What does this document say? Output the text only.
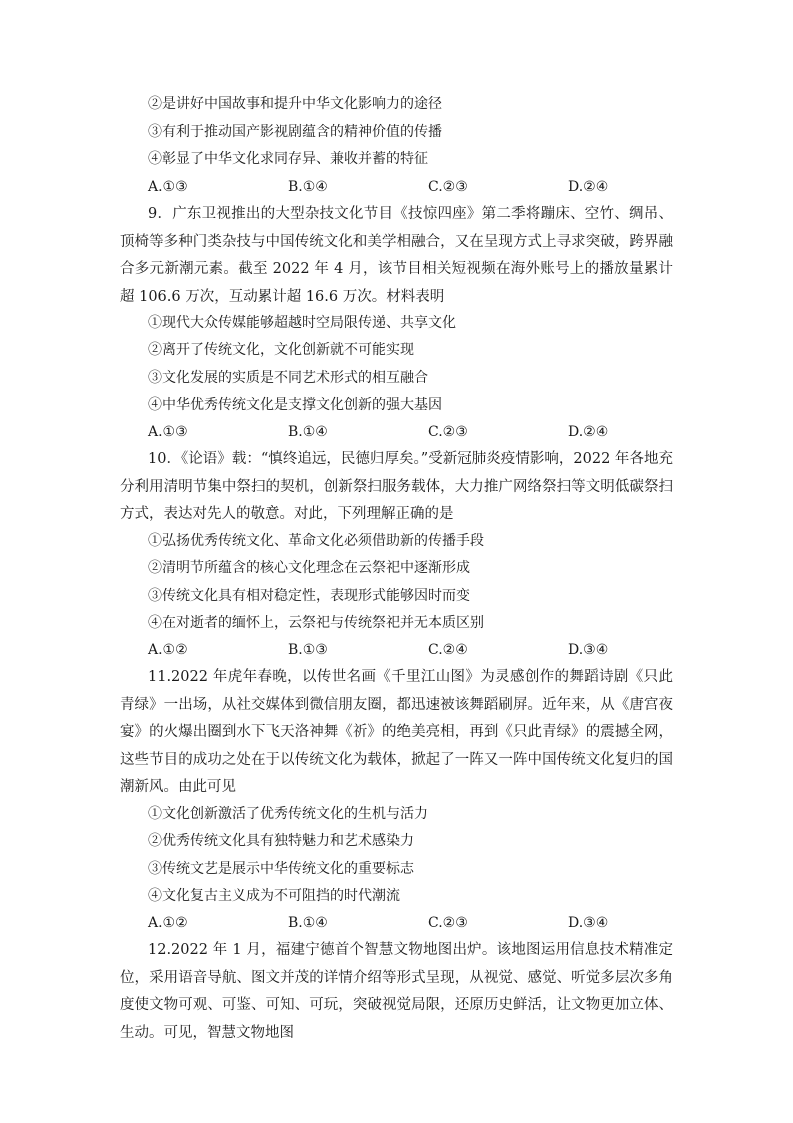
②是讲好中国故事和提升中华文化影响力的途径
③有利于推动国产影视剧蕴含的精神价值的传播
④彰显了中华文化求同存异、兼收并蓄的特征
A.①③	B.①④	C.②③	D.②④
9．广东卫视推出的大型杂技文化节目《技惊四座》第二季将蹦床、空竹、绸吊、顶椅等多种门类杂技与中国传统文化和美学相融合，又在呈现方式上寻求突破，跨界融合多元新潮元素。截至 2022 年 4 月，该节目相关短视频在海外账号上的播放量累计超 106.6 万次，互动累计超 16.6 万次。材料表明
①现代大众传媒能够超越时空局限传递、共享文化
②离开了传统文化，文化创新就不可能实现
③文化发展的实质是不同艺术形式的相互融合
④中华优秀传统文化是支撑文化创新的强大基因
A.①③	B.①④	C.②③	D.②④
10．《论语》载：“慎终追远，民德归厚矣。”受新冠肺炎疫情影响，2022 年各地充分利用清明节集中祭扫的契机，创新祭扫服务载体，大力推广网络祭扫等文明低碳祭扫方式，表达对先人的敬意。对此，下列理解正确的是
①弘扬优秀传统文化、革命文化必须借助新的传播手段
②清明节所蕴含的核心文化理念在云祭祀中逐渐形成
③传统文化具有相对稳定性，表现形式能够因时而变
④在对逝者的缅怀上，云祭祀与传统祭祀并无本质区别
A.①②	B.①③	C.②④	D.③④
11.2022 年虎年春晚，以传世名画《千里江山图》为灵感创作的舞蹈诗剧《只此青绿》一出场，从社交媒体到微信朋友圈，都迅速被该舞蹈刷屏。近年来，从《唐宫夜宴》的火爆出圈到水下飞天洛神舞《祈》的绝美亮相，再到《只此青绿》的震撼全网，这些节目的成功之处在于以传统文化为载体，掀起了一阵又一阵中国传统文化复归的国潮新风。由此可见
①文化创新激活了优秀传统文化的生机与活力
②优秀传统文化具有独特魅力和艺术感染力
③传统文艺是展示中华传统文化的重要标志
④文化复古主义成为不可阻挡的时代潮流
A.①②	B.①④	C.②③	D.③④
12.2022 年 1 月，福建宁德首个智慧文物地图出炉。该地图运用信息技术精准定位，采用语音导航、图文并茂的详情介绍等形式呈现，从视觉、感觉、听觉多层次多角度使文物可观、可鉴、可知、可玩，突破视觉局限，还原历史鲜活，让文物更加立体、生动。可见，智慧文物地图
